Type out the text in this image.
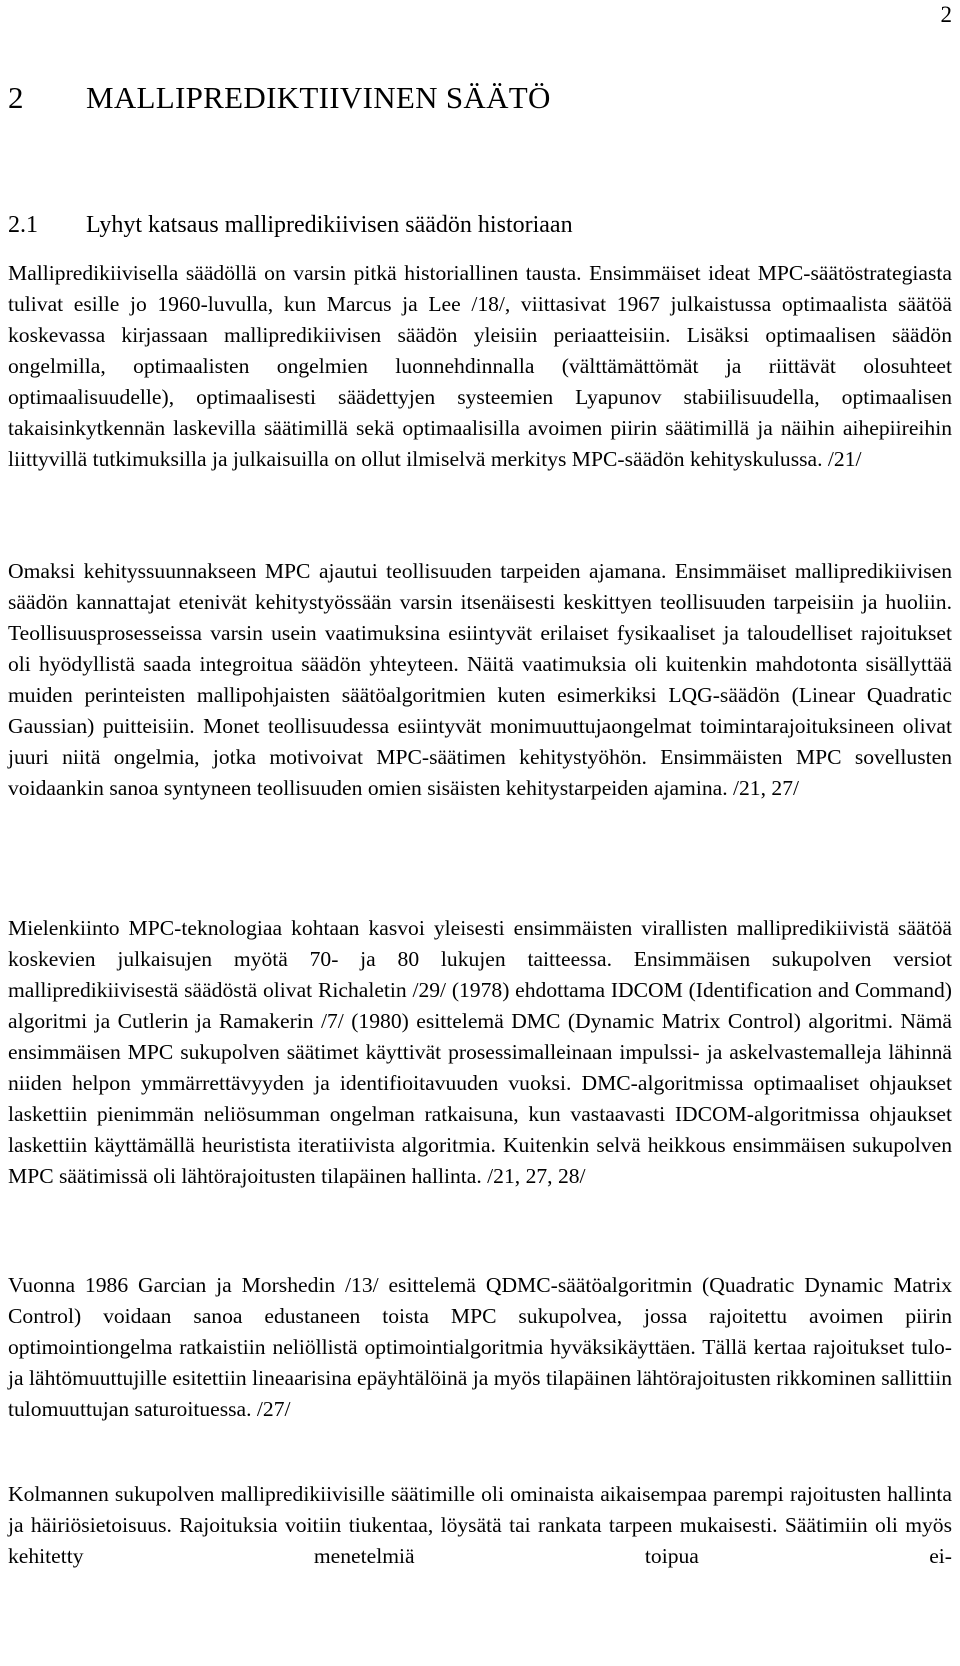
2
2 MALLIPREDIKTIIVINEN SÄÄTÖ
2.1 Lyhyt katsaus mallipredikiivisen säädön historiaan

Mallipredikiivisella säädöllä on varsin pitkä historiallinen tausta. Ensimmäiset ideat MPC-säätöstrategiasta tulivat esille jo 1960-luvulla, kun Marcus ja Lee /18/, viittasivat 1967 julkaistussa optimaalista säätöä koskevassa kirjassaan mallipredikiivisen säädön yleisiin periaatteisiin. Lisäksi optimaalisen säädön ongelmilla, optimaalisten ongelmien luonnehdinnalla (välttämättömät ja riittävät olosuhteet optimaalisuudelle), optimaalisesti säädettyjen systeemien Lyapunov stabiilisuudella, optimaalisen takaisinkytkennän laskevilla säätimillä sekä optimaalisilla avoimen piirin säätimillä ja näihin aihepiireihin liittyvillä tutkimuksilla ja julkaisuilla on ollut ilmiselvä merkitys MPC-säädön kehityskulussa. /21/

Omaksi kehityssuunnakseen MPC ajautui teollisuuden tarpeiden ajamana. Ensimmäiset mallipredikiivisen säädön kannattajat etenivät kehitystyössään varsin itsenäisesti keskittyen teollisuuden tarpeisiin ja huoliin. Teollisuusprosesseissa varsin usein vaatimuksina esiintyvät erilaiset fysikaaliset ja taloudelliset rajoitukset oli hyödyllistä saada integroitua säädön yhteyteen. Näitä vaatimuksia oli kuitenkin mahdotonta sisällyttää muiden perinteisten mallipohjaisten säätöalgoritmien kuten esimerkiksi LQG-säädön (Linear Quadratic Gaussian) puitteisiin. Monet teollisuudessa esiintyvät monimuuttujaongelmat toimintarajoituksineen olivat juuri niitä ongelmia, jotka motivoivat MPC-säätimen kehitystyöhön. Ensimmäisten MPC sovellusten voidaankin sanoa syntyneen teollisuuden omien sisäisten kehitystarpeiden ajamina. /21, 27/

Mielenkiinto MPC-teknologiaa kohtaan kasvoi yleisesti ensimmäisten virallisten mallipredikiivistä säätöä koskevien julkaisujen myötä 70- ja 80 lukujen taitteessa. Ensimmäisen sukupolven versiot mallipredikiivisestä säädöstä olivat Richaletin /29/ (1978) ehdottama IDCOM (Identification and Command) algoritmi ja Cutlerin ja Ramakerin /7/ (1980) esittelemä DMC (Dynamic Matrix Control) algoritmi. Nämä ensimmäisen MPC sukupolven säätimet käyttivät prosessimalleinaan impulssi- ja askelvastemalleja lähinnä niiden helpon ymmärrettävyyden ja identifioitavuuden vuoksi. DMC-algoritmissa optimaaliset ohjaukset laskettiin pienimmän neliösumman ongelman ratkaisuna, kun vastaavasti IDCOM-algoritmissa ohjaukset laskettiin käyttämällä heuristista iteratiivista algoritmia. Kuitenkin selvä heikkous ensimmäisen sukupolven MPC säätimissä oli lähtörajoitusten tilapäinen hallinta. /21, 27, 28/

Vuonna 1986 Garcian ja Morshedin /13/ esittelemä QDMC-säätöalgoritmin (Quadratic Dynamic Matrix Control) voidaan sanoa edustaneen toista MPC sukupolvea, jossa rajoitettu avoimen piirin optimointiongelma ratkaistiin neliöllistä optimointialgoritmia hyväksikäyttäen. Tällä kertaa rajoitukset tulo- ja lähtömuuttujille esitettiin lineaarisina epäyhtälöinä ja myös tilapäinen lähtörajoitusten rikkominen sallittiin tulomuuttujan saturoituessa. /27/

Kolmannen sukupolven mallipredikiivisille säätimille oli ominaista aikaisempaa parempi rajoitusten hallinta ja häiriösietoisuus. Rajoituksia voitiin tiukentaa, löysätä tai rankata tarpeen mukaisesti. Säätimiin oli myös kehitetty menetelmiä toipua ei-
